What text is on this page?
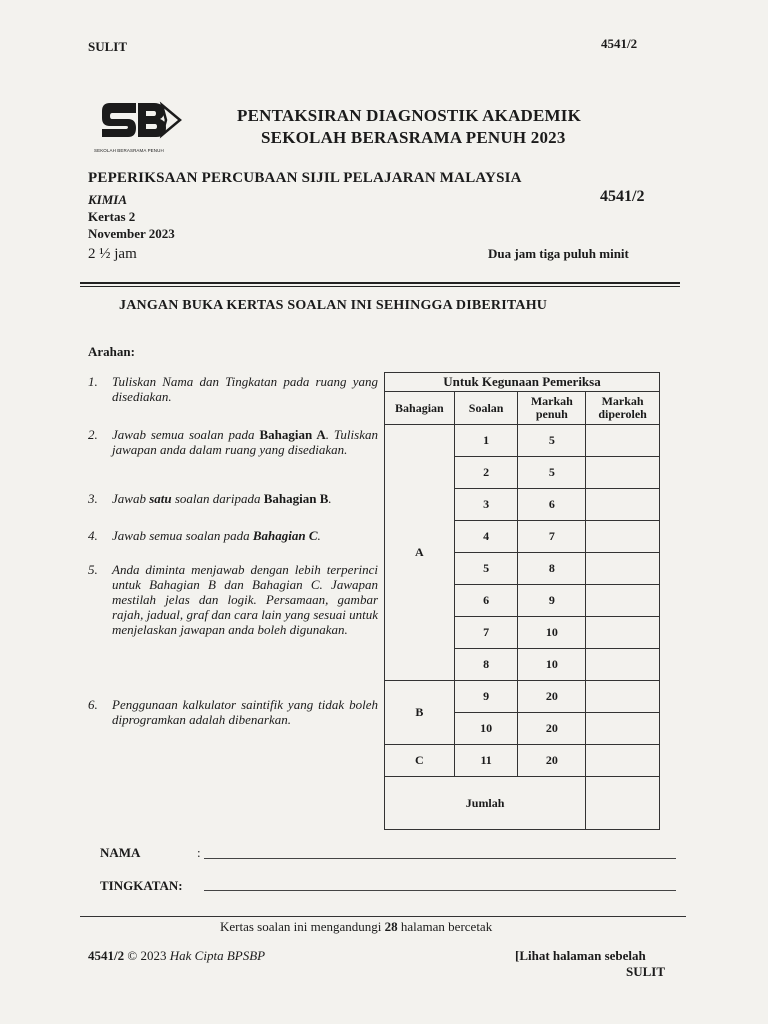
SULIT	4541/2
SEKOLAH BERASRAMA PENUH
PENTAKSIRAN DIAGNOSTIK AKADEMIK
SEKOLAH BERASRAMA PENUH 2023
PEPERIKSAAN PERCUBAAN SIJIL PELAJARAN MALAYSIA
KIMIA	4541/2
Kertas 2
November 2023
2 ½ jam	Dua jam tiga puluh minit
JANGAN BUKA KERTAS SOALAN INI SEHINGGA DIBERITAHU
Arahan:
1. Tuliskan Nama dan Tingkatan pada ruang yang disediakan.
2. Jawab semua soalan pada Bahagian A. Tuliskan jawapan anda dalam ruang yang disediakan.
3. Jawab satu soalan daripada Bahagian B.
4. Jawab semua soalan pada Bahagian C.
5. Anda diminta menjawab dengan lebih terperinci untuk Bahagian B dan Bahagian C. Jawapan mestilah jelas dan logik. Persamaan, gambar rajah, jadual, graf dan cara lain yang sesuai untuk menjelaskan jawapan anda boleh digunakan.
6. Penggunaan kalkulator saintifik yang tidak boleh diprogramkan adalah dibenarkan.
Untuk Kegunaan Pemeriksa			
Bahagian	Soalan	Markah penuh	Markah diperoleh
A	1	5	
	2	5	
	3	6	
	4	7	
	5	8	
	6	9	
	7	10	
	8	10	
B	9	20	
	10	20	
C	11	20	
Jumlah			
NAMA	:
TINGKATAN:
Kertas soalan ini mengandungi 28 halaman bercetak
4541/2 © 2023 Hak Cipta BPSBP	[Lihat halaman sebelah
SULIT
